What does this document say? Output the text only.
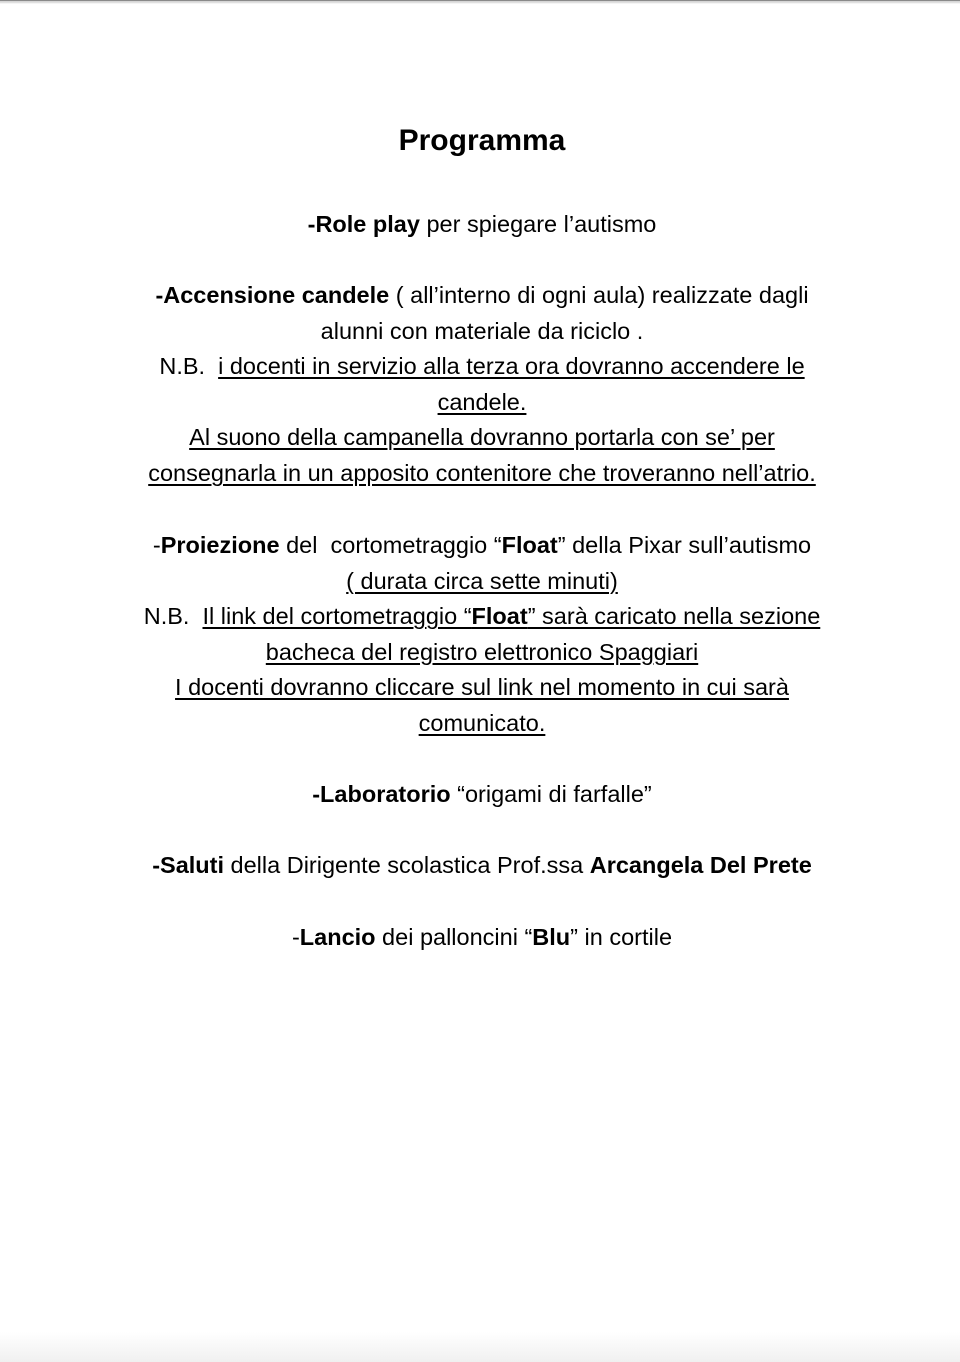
Programma

-Role play per spiegare l’autismo

-Accensione candele ( all’interno di ogni aula) realizzate dagli
alunni con materiale da riciclo .
N.B.  i docenti in servizio alla terza ora dovranno accendere le
candele.
Al suono della campanella dovranno portarla con se’ per
consegnarla in un apposito contenitore che troveranno nell’atrio.

-Proiezione del  cortometraggio “Float” della Pixar sull’autismo
( durata circa sette minuti)
N.B.  Il link del cortometraggio “Float” sarà caricato nella sezione
bacheca del registro elettronico Spaggiari
I docenti dovranno cliccare sul link nel momento in cui sarà
comunicato.

-Laboratorio “origami di farfalle”

-Saluti della Dirigente scolastica Prof.ssa Arcangela Del Prete

-Lancio dei palloncini “Blu” in cortile
